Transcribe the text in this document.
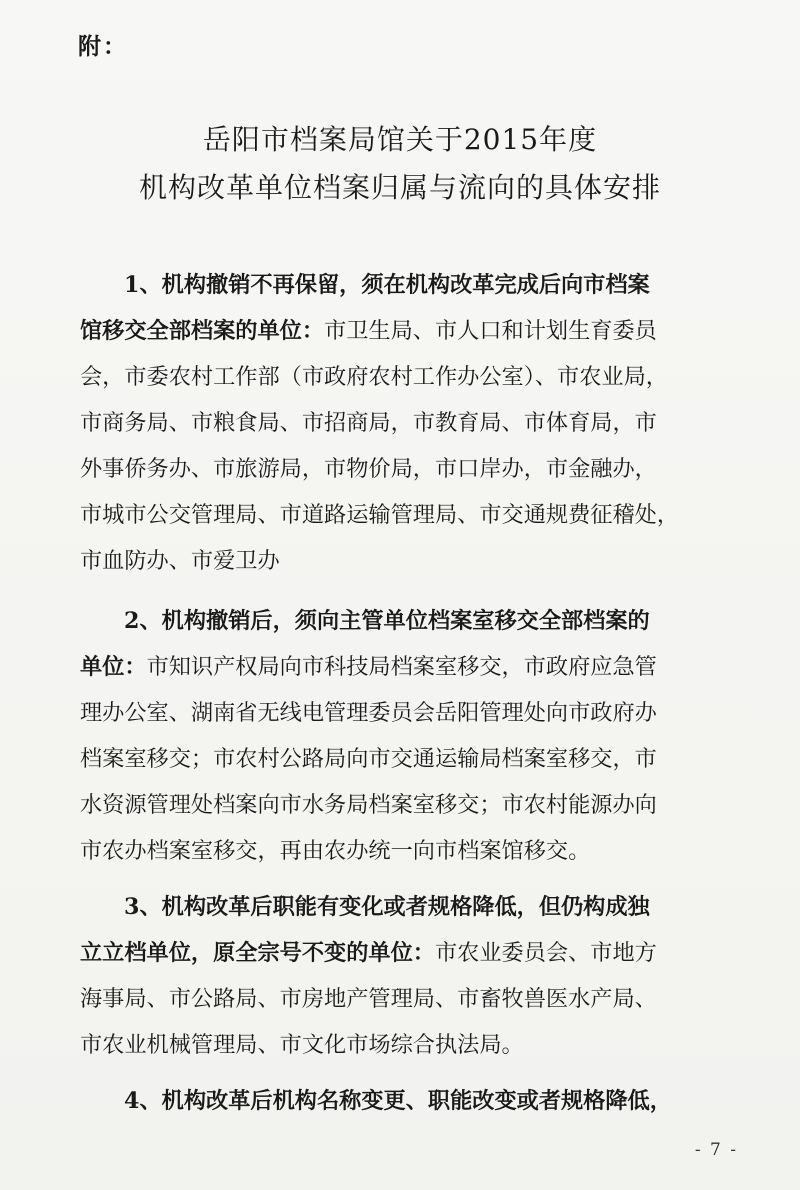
附：
岳阳市档案局馆关于2015年度
机构改革单位档案归属与流向的具体安排
1、机构撤销不再保留，须在机构改革完成后向市档案
馆移交全部档案的单位：市卫生局、市人口和计划生育委员
会，市委农村工作部（市政府农村工作办公室）、市农业局，
市商务局、市粮食局、市招商局，市教育局、市体育局，市
外事侨务办、市旅游局，市物价局，市口岸办，市金融办，
市城市公交管理局、市道路运输管理局、市交通规费征稽处，
市血防办、市爱卫办
2、机构撤销后，须向主管单位档案室移交全部档案的
单位：市知识产权局向市科技局档案室移交，市政府应急管
理办公室、湖南省无线电管理委员会岳阳管理处向市政府办
档案室移交；市农村公路局向市交通运输局档案室移交，市
水资源管理处档案向市水务局档案室移交；市农村能源办向
市农办档案室移交，再由农办统一向市档案馆移交。
3、机构改革后职能有变化或者规格降低，但仍构成独
立立档单位，原全宗号不变的单位：市农业委员会、市地方
海事局、市公路局、市房地产管理局、市畜牧兽医水产局、
市农业机械管理局、市文化市场综合执法局。
4、机构改革后机构名称变更、职能改变或者规格降低，
- 7 -
